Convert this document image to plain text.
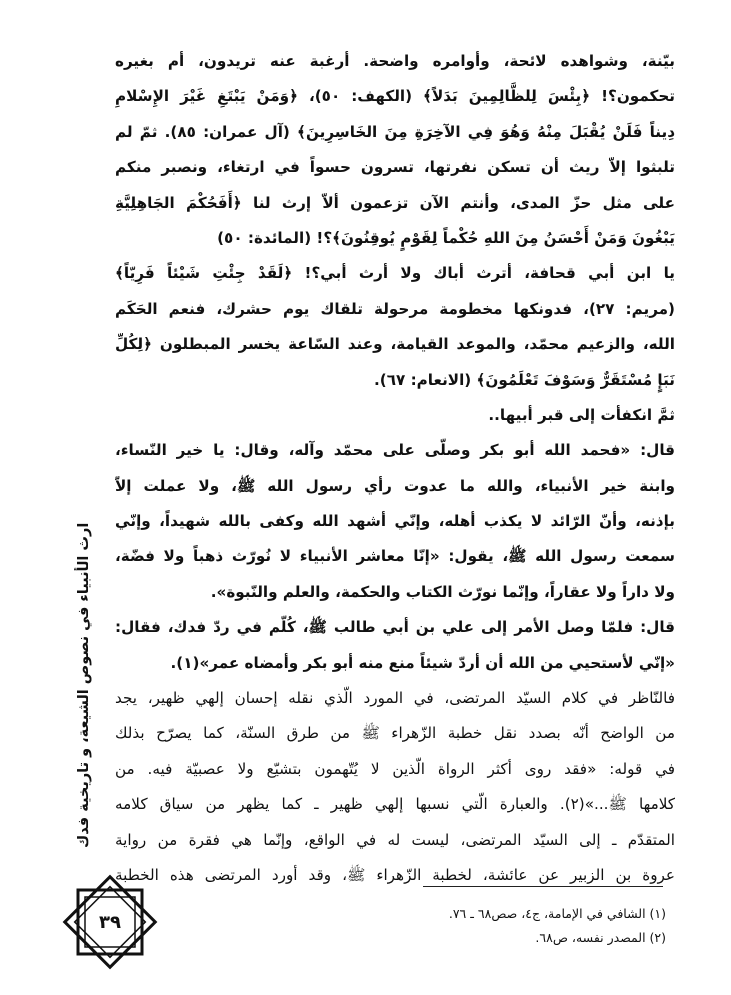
بيّنة، وشواهده لائحة، وأوامره واضحة. أرغبة عنه تريدون، أم بغيره
تحكمون؟! ﴿بِئْسَ لِلظَّالِمِينَ بَدَلاً﴾ (الكهف: ٥٠)، ﴿وَمَنْ يَبْتَغِ غَيْرَ الإِسْلامِ
دِيناً فَلَنْ يُقْبَلَ مِنْهُ وَهُوَ فِي الآخِرَةِ مِنَ الخَاسِرِينَ﴾ (آل عمران: ٨٥). ثمّ لم
تلبثوا إلاّ ريث أن تسكن نفرتها، تسرون حسواً في ارتغاء، ونصبر منكم
على مثل حزّ المدى، وأنتم الآن تزعمون ألاّ إرث لنا ﴿أَفَحُكْمَ الجَاهِلِيَّةِ
يَبْغُونَ وَمَنْ أَحْسَنُ مِنَ اللهِ حُكْماً لِقَوْمٍ يُوقِنُونَ﴾؟! (المائدة: ٥٠)
يا ابن أبي قحافة، أترث أباك ولا أرث أبي؟! ﴿لَقَدْ جِئْتِ شَيْئاً فَرِيّاً﴾
(مريم: ٢٧)، فدونكها مخطومة مرحولة تلقاك يوم حشرك، فنعم الحَكَم
الله، والزعيم محمّد، والموعد القيامة، وعند السّاعة يخسر المبطلون ﴿لِكُلِّ
نَبَإٍ مُسْتَقَرٌّ وَسَوْفَ تَعْلَمُونَ﴾ (الانعام: ٦٧).
ثمَّ انكفأت إلى قبر أبيها..
قال: «فحمد الله أبو بكر وصلّى على محمّد وآله، وقال: يا خير النّساء،
وابنة خير الأنبياء، والله ما عدوت رأي رسول الله ﷺ، ولا عملت إلاّ
بإذنه، وأنّ الرّائد لا يكذب أهله، وإنّي أشهد الله وكفى بالله شهيداً، وإنّي
سمعت رسول الله ﷺ، يقول: «إنّا معاشر الأنبياء لا نُورّث ذهباً ولا فضّة،
ولا داراً ولا عقاراً، وإنّما نورّث الكتاب والحكمة، والعلم والنّبوة».
قال: فلمّا وصل الأمر إلى علي بن أبي طالب ﷺ، كُلّم في ردّ فدك، فقال:
«إنّي لأستحيي من الله أن أردّ شيئاً منع منه أبو بكر وأمضاه عمر»(١).
فالنّاظر في كلام السيّد المرتضى، في المورد الّذي نقله إحسان إلهي ظهير، يجد
من الواضح أنّه بصدد نقل خطبة الزّهراء ﷺ من طرق السنّة، كما يصرّح بذلك
في قوله: «فقد روى أكثر الرواة الّذين لا يُتّهمون بتشيّع ولا عصبيّة فيه. من
كلامها ﷺ...»(٢). والعبارة الّتي نسبها إلهي ظهير ـ كما يظهر من سياق كلامه
المتقدّم ـ إلى السيّد المرتضى، ليست له في الواقع، وإنّما هي فقرة من رواية
عروة بن الزبير عن عائشة، لخطبة الزّهراء ﷺ، وقد أورد المرتضى هذه الخطبة
ارث الأنبياء في نصوص الشيعة، و تاريخية فدك
٣٩	(١) الشافي في الإمامة، ج٤، صص٦٨ ـ ٧٦.
(٢) المصدر نفسه، ص٦٨.
